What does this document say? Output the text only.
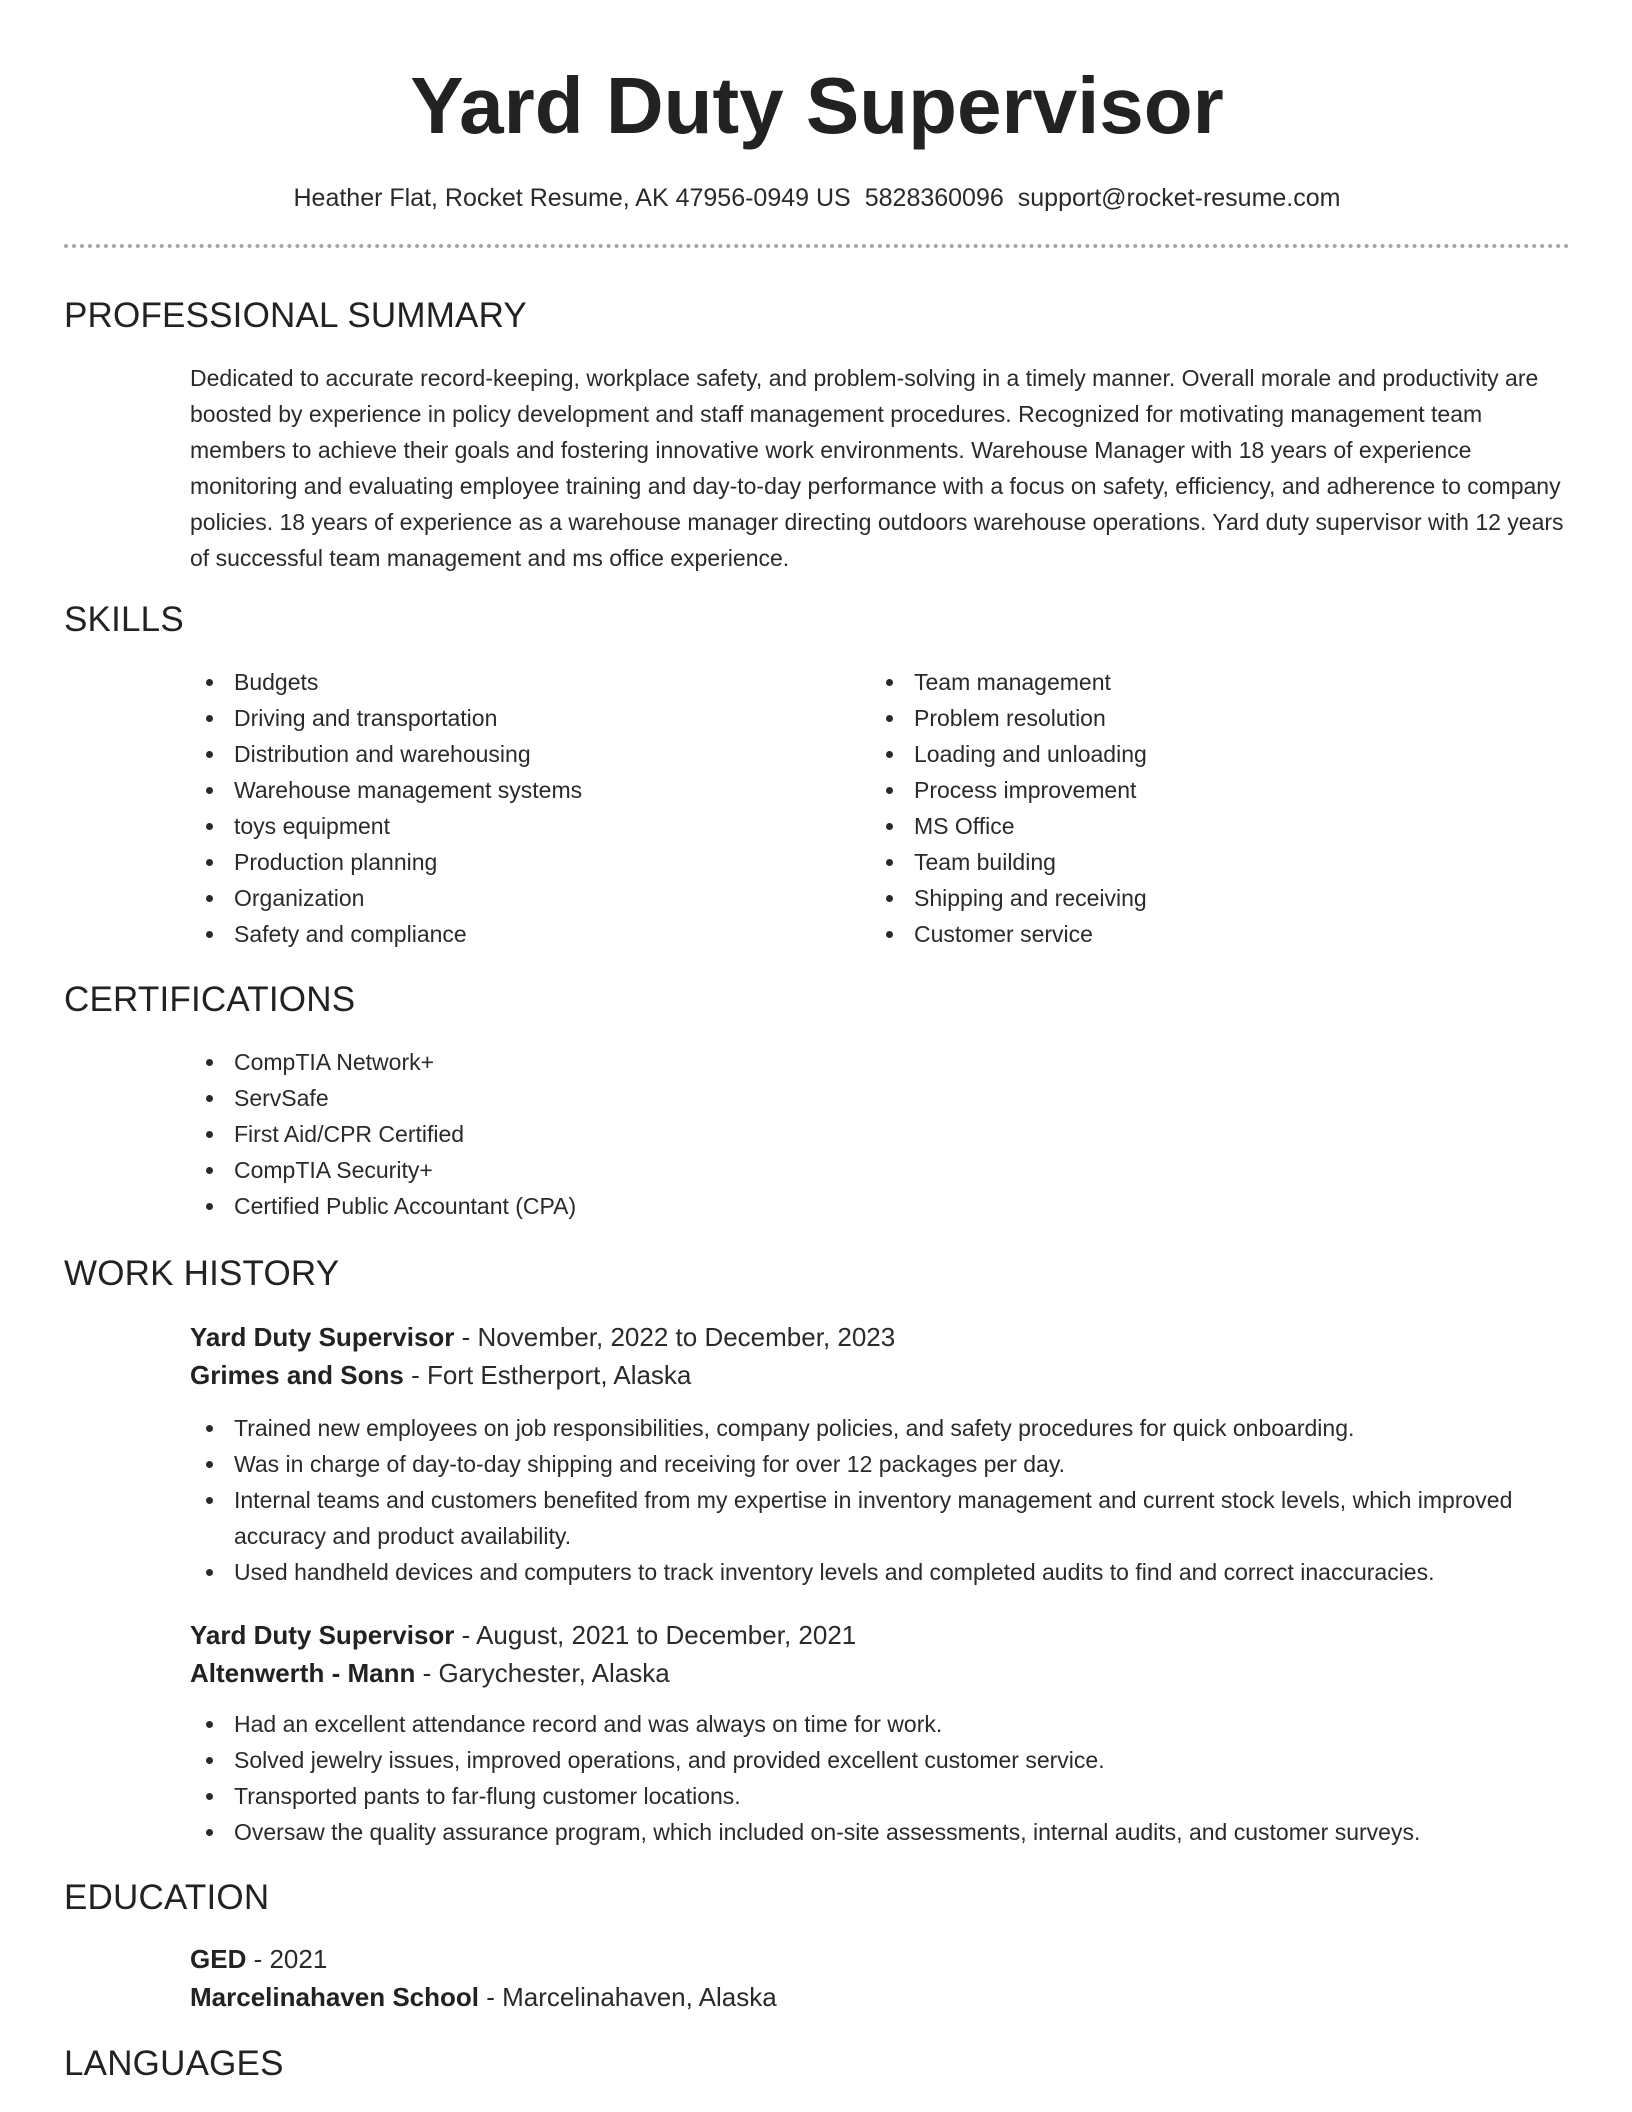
Yard Duty Supervisor
Heather Flat, Rocket Resume, AK 47956-0949 US 5828360096 support@rocket-resume.com
PROFESSIONAL SUMMARY

Dedicated to accurate record-keeping, workplace safety, and problem-solving in a timely manner. Overall morale and productivity are boosted by experience in policy development and staff management procedures. Recognized for motivating management team members to achieve their goals and fostering innovative work environments. Warehouse Manager with 18 years of experience monitoring and evaluating employee training and day-to-day performance with a focus on safety, efficiency, and adherence to company policies. 18 years of experience as a warehouse manager directing outdoors warehouse operations. Yard duty supervisor with 12 years of successful team management and ms office experience.

SKILLS
Budgets
Driving and transportation
Distribution and warehousing
Warehouse management systems
toys equipment
Production planning
Organization
Safety and compliance
Team management
Problem resolution
Loading and unloading
Process improvement
MS Office
Team building
Shipping and receiving
Customer service
CERTIFICATIONS
CompTIA Network+
ServSafe
First Aid/CPR Certified
CompTIA Security+
Certified Public Accountant (CPA)
WORK HISTORY
Yard Duty Supervisor - November, 2022 to December, 2023
Grimes and Sons - Fort Estherport, Alaska
Trained new employees on job responsibilities, company policies, and safety procedures for quick onboarding.
Was in charge of day-to-day shipping and receiving for over 12 packages per day.
Internal teams and customers benefited from my expertise in inventory management and current stock levels, which improved accuracy and product availability.
Used handheld devices and computers to track inventory levels and completed audits to find and correct inaccuracies.
Yard Duty Supervisor - August, 2021 to December, 2021
Altenwerth - Mann - Garychester, Alaska
Had an excellent attendance record and was always on time for work.
Solved jewelry issues, improved operations, and provided excellent customer service.
Transported pants to far-flung customer locations.
Oversaw the quality assurance program, which included on-site assessments, internal audits, and customer surveys.
EDUCATION
GED - 2021
Marcelinahaven School - Marcelinahaven, Alaska
LANGUAGES
